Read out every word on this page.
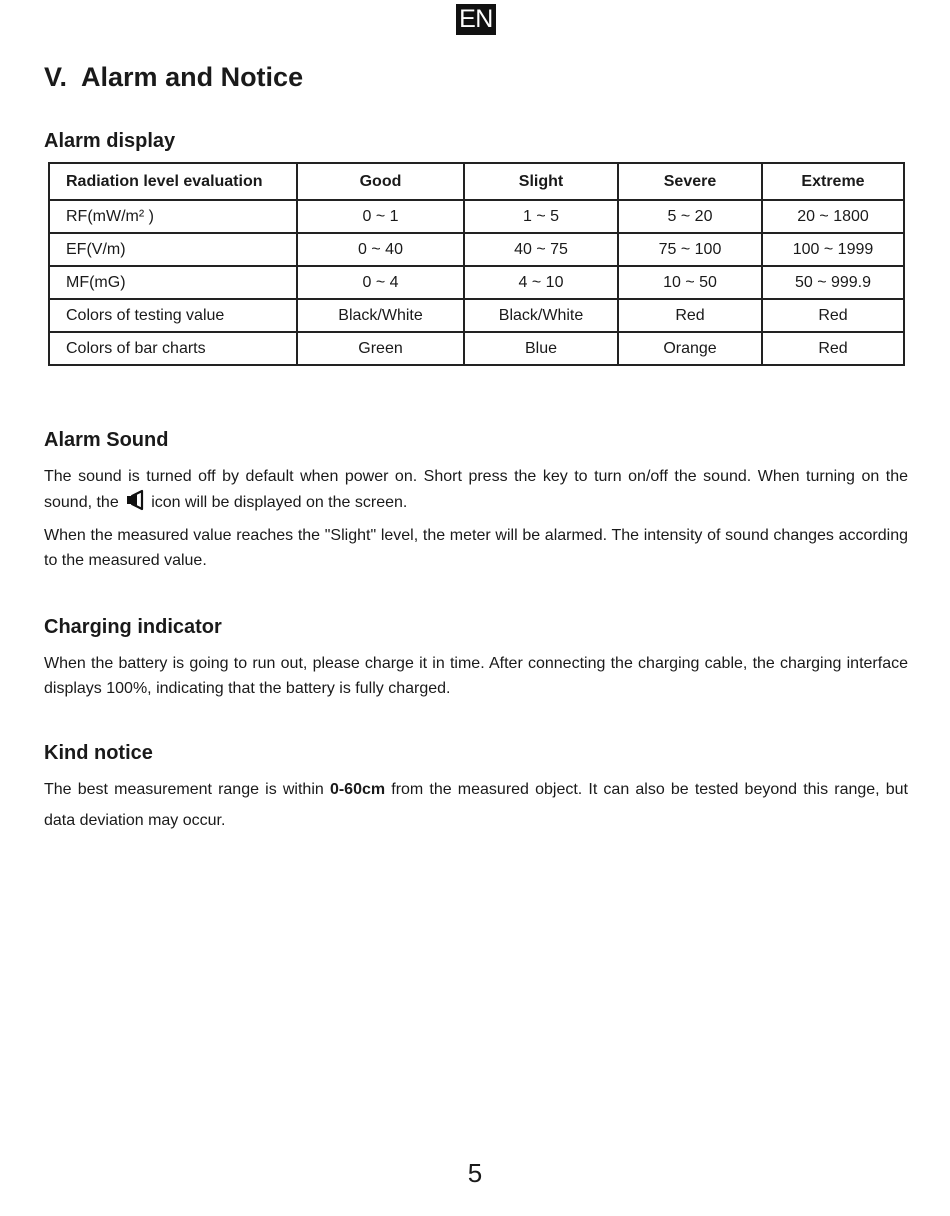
EN
V.  Alarm and Notice
Alarm display
Radiation level evaluation	Good	Slight	Severe	Extreme
RF(mW/m² )	0 ~ 1	1 ~ 5	5 ~ 20	20 ~ 1800
EF(V/m)	0 ~ 40	40 ~ 75	75 ~ 100	100 ~ 1999
MF(mG)	0 ~ 4	4 ~ 10	10 ~ 50	50 ~ 999.9
Colors of testing value	Black/White	Black/White	Red	Red
Colors of bar charts	Green	Blue	Orange	Red
Alarm Sound

The sound is turned off by default when power on. Short press the key to turn on/off the sound. When turning on the sound, the icon will be displayed on the screen.

When the measured value reaches the "Slight" level, the meter will be alarmed. The intensity of sound changes according to the measured value.

Charging indicator

When the battery is going to run out, please charge it in time. After connecting the charging cable, the charging interface displays 100%, indicating that the battery is fully charged.

Kind notice

The best measurement range is within 0-60cm from the measured object. It can also be tested beyond this range, but data deviation may occur.

5
